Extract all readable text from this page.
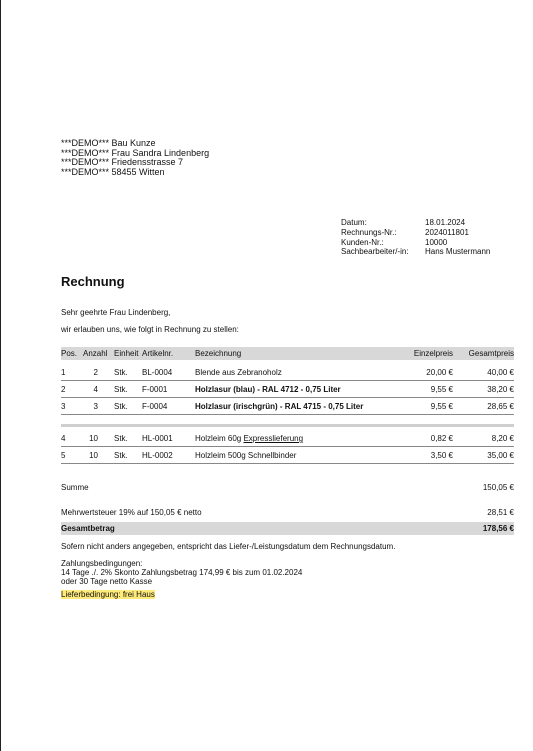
***DEMO*** Bau Kunze
***DEMO*** Frau Sandra Lindenberg
***DEMO*** Friedensstrasse 7
***DEMO*** 58455 Witten
Datum:	18.01.2024
Rechnungs-Nr.:	2024011801
Kunden-Nr.:	10000
Sachbearbeiter/-in:	Hans Mustermann
Rechnung
Sehr geehrte Frau Lindenberg,
wir erlauben uns, wie folgt in Rechnung zu stellen:
Pos. Anzahl Einheit Artikelnr.	Bezeichnung	Einzelpreis Gesamtpreis
1	2 Stk. BL-0004	Blende aus Zebranoholz	20,00 €	40,00 €
2	4 Stk. F-0001	Holzlasur (blau) - RAL 4712 - 0,75 Liter	9,55 €	38,20 €
3	3 Stk. F-0004	Holzlasur (irischgrün) - RAL 4715 - 0,75 Liter	9,55 €	28,65 €
4	10 Stk. HL-0001	Holzleim 60g Expresslieferung	0,82 €	8,20 €
5	10 Stk. HL-0002	Holzleim 500g Schnellbinder	3,50 €	35,00 €
Summe	150,05 €
Mehrwertsteuer 19% auf 150,05 € netto	28,51 €
Gesamtbetrag	178,56 €
Sofern nicht anders angegeben, entspricht das Liefer-/Leistungsdatum dem Rechnungsdatum.
Zahlungsbedingungen:
14 Tage ./. 2% Skonto Zahlungsbetrag 174,99 € bis zum 01.02.2024
oder 30 Tage netto Kasse
Lieferbedingung: frei Haus
